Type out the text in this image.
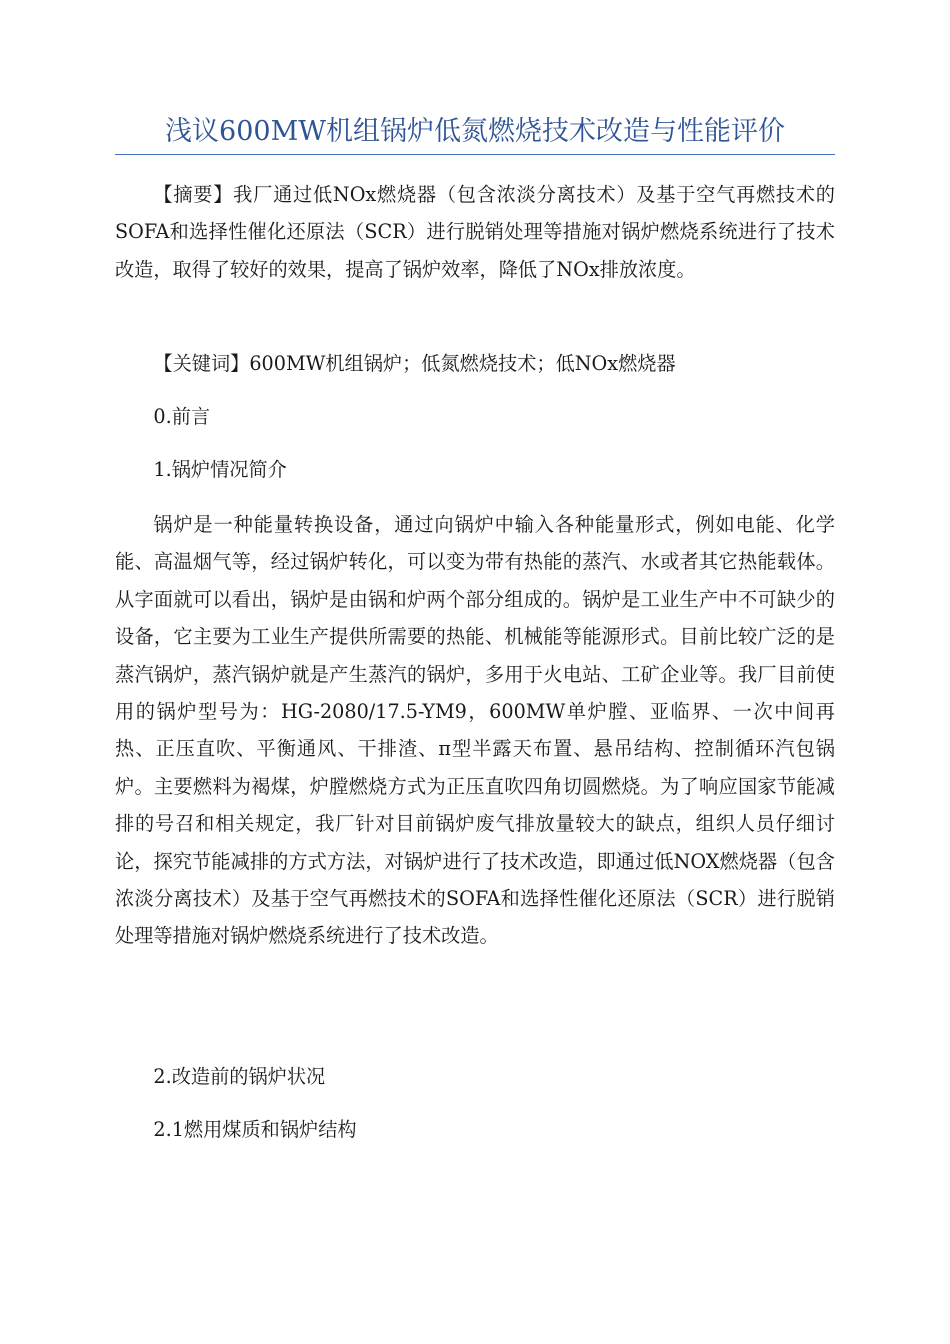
浅议600MW机组锅炉低氮燃烧技术改造与性能评价

【摘要】我厂通过低NOx燃烧器（包含浓淡分离技术）及基于空气再燃技术的SOFA和选择性催化还原法（SCR）进行脱销处理等措施对锅炉燃烧系统进行了技术改造，取得了较好的效果，提高了锅炉效率，降低了NOx排放浓度。

【关键词】600MW机组锅炉；低氮燃烧技术；低NOx燃烧器

0.前言

1.锅炉情况简介

锅炉是一种能量转换设备，通过向锅炉中输入各种能量形式，例如电能、化学能、高温烟气等，经过锅炉转化，可以变为带有热能的蒸汽、水或者其它热能载体。从字面就可以看出，锅炉是由锅和炉两个部分组成的。锅炉是工业生产中不可缺少的设备，它主要为工业生产提供所需要的热能、机械能等能源形式。目前比较广泛的是蒸汽锅炉，蒸汽锅炉就是产生蒸汽的锅炉，多用于火电站、工矿企业等。我厂目前使用的锅炉型号为：HG-2080/17.5-YM9，600MW单炉膛、亚临界、一次中间再热、正压直吹、平衡通风、干排渣、π型半露天布置、悬吊结构、控制循环汽包锅炉。主要燃料为褐煤，炉膛燃烧方式为正压直吹四角切圆燃烧。为了响应国家节能减排的号召和相关规定，我厂针对目前锅炉废气排放量较大的缺点，组织人员仔细讨论，探究节能减排的方式方法，对锅炉进行了技术改造，即通过低NOX燃烧器（包含浓淡分离技术）及基于空气再燃技术的SOFA和选择性催化还原法（SCR）进行脱销处理等措施对锅炉燃烧系统进行了技术改造。

2.改造前的锅炉状况

2.1燃用煤质和锅炉结构
